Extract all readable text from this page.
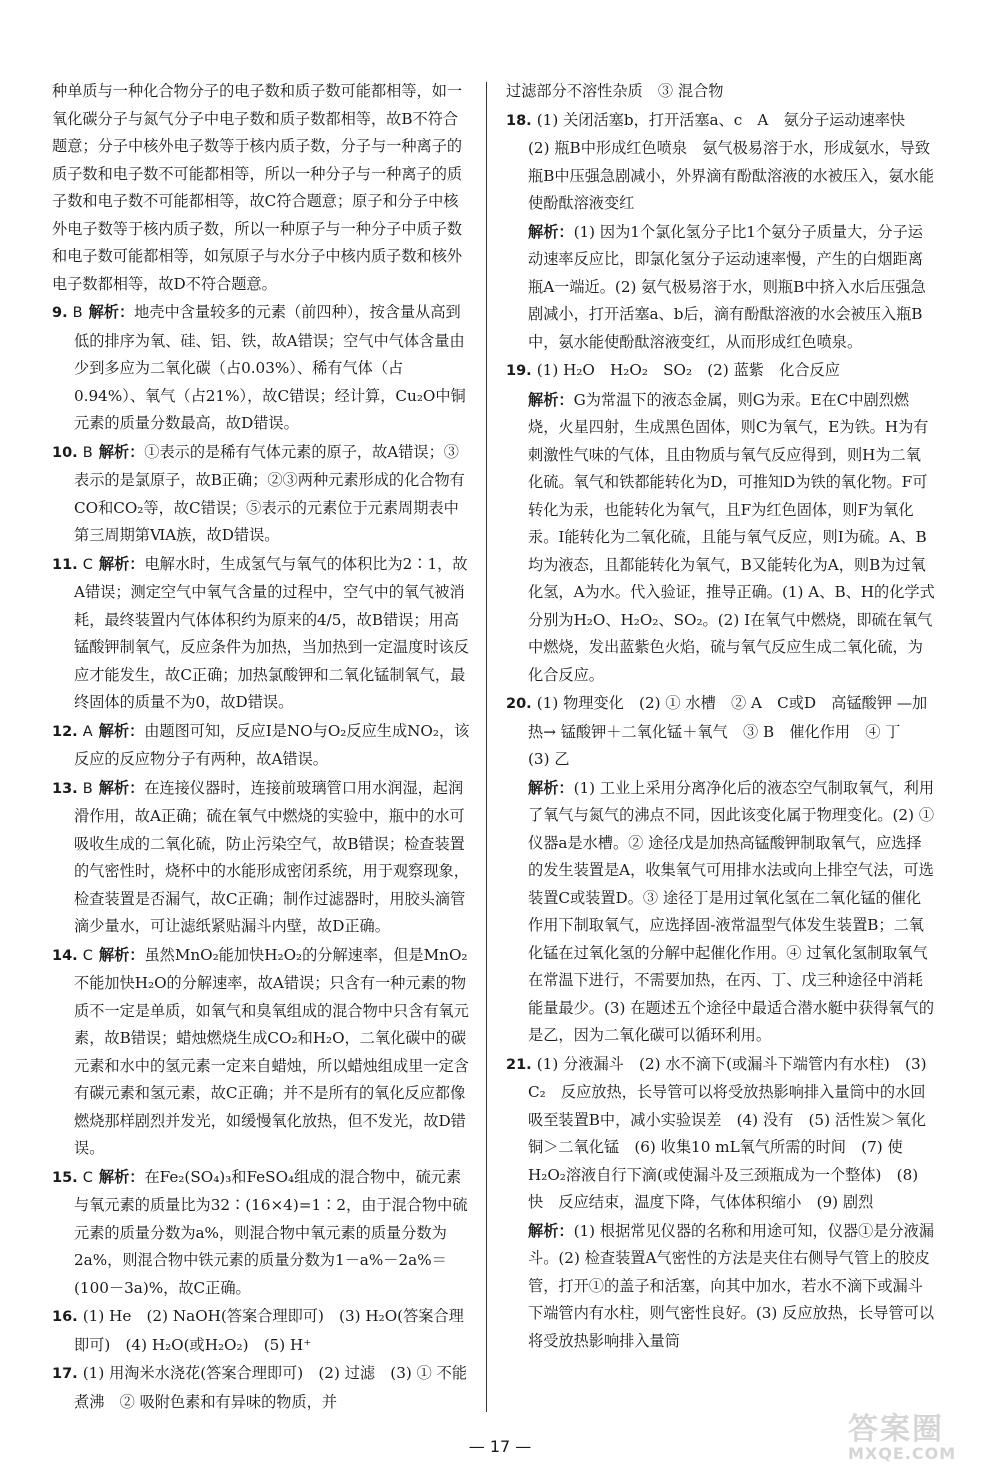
种单质与一种化合物分子的电子数和质子数可能都相等，如一氧化碳分子与氮气分子中电子数和质子数都相等，故B不符合题意；分子中核外电子数等于核内质子数，分子与一种离子的质子数和电子数不可能都相等，所以一种分子与一种离子的质子数和电子数不可能都相等，故C符合题意；原子和分子中核外电子数等于核内质子数，所以一种原子与一种分子中质子数和电子数可能都相等，如氖原子与水分子中核内质子数和核外电子数都相等，故D不符合题意。

9. B 解析：地壳中含量较多的元素（前四种），按含量从高到低的排序为氧、硅、铝、铁，故A错误；空气中气体含量由少到多应为二氧化碳（占0.03%）、稀有气体（占0.94%）、氧气（占21%），故C错误；经计算，Cu₂O中铜元素的质量分数最高，故D错误。

10. B 解析：①表示的是稀有气体元素的原子，故A错误；③表示的是氯原子，故B正确；②③两种元素形成的化合物有CO和CO₂等，故C错误；⑤表示的元素位于元素周期表中第三周期第ⅥA族，故D错误。

11. C 解析：电解水时，生成氢气与氧气的体积比为2∶1，故A错误；测定空气中氧气含量的过程中，空气中的氧气被消耗，最终装置内气体体积约为原来的4/5，故B错误；用高锰酸钾制氧气，反应条件为加热，当加热到一定温度时该反应才能发生，故C正确；加热氯酸钾和二氧化锰制氧气，最终固体的质量不为0，故D错误。

12. A 解析：由题图可知，反应Ⅰ是NO与O₂反应生成NO₂，该反应的反应物分子有两种，故A错误。

13. B 解析：在连接仪器时，连接前玻璃管口用水润湿，起润滑作用，故A正确；硫在氧气中燃烧的实验中，瓶中的水可吸收生成的二氧化硫，防止污染空气，故B错误；检查装置的气密性时，烧杯中的水能形成密闭系统，用于观察现象，检查装置是否漏气，故C正确；制作过滤器时，用胶头滴管滴少量水，可让滤纸紧贴漏斗内壁，故D正确。

14. C 解析：虽然MnO₂能加快H₂O₂的分解速率，但是MnO₂不能加快H₂O的分解速率，故A错误；只含有一种元素的物质不一定是单质，如氧气和臭氧组成的混合物中只含有氧元素，故B错误；蜡烛燃烧生成CO₂和H₂O，二氧化碳中的碳元素和水中的氢元素一定来自蜡烛，所以蜡烛组成里一定含有碳元素和氢元素，故C正确；并不是所有的氧化反应都像燃烧那样剧烈并发光，如缓慢氧化放热，但不发光，故D错误。

15. C 解析：在Fe₂(SO₄)₃和FeSO₄组成的混合物中，硫元素与氧元素的质量比为32∶(16×4)=1∶2，由于混合物中硫元素的质量分数为a%，则混合物中氧元素的质量分数为2a%，则混合物中铁元素的质量分数为1－a%－2a%＝(100－3a)%，故C正确。

16. (1) He　(2) NaOH(答案合理即可)　(3) H₂O(答案合理即可)　(4) H₂O(或H₂O₂)　(5) H⁺

17. (1) 用淘米水浇花(答案合理即可)　(2) 过滤　(3) ① 不能　煮沸　② 吸附色素和有异味的物质，并

过滤部分不溶性杂质　③ 混合物

18. (1) 关闭活塞b，打开活塞a、c　A　氨分子运动速率快　(2) 瓶B中形成红色喷泉　氨气极易溶于水，形成氨水，导致瓶B中压强急剧减小，外界滴有酚酞溶液的水被压入，氨水能使酚酞溶液变红

解析：(1) 因为1个氯化氢分子比1个氨分子质量大，分子运动速率反应比，即氯化氢分子运动速率慢，产生的白烟距离瓶A一端近。(2) 氨气极易溶于水，则瓶B中挤入水后压强急剧减小，打开活塞a、b后，滴有酚酞溶液的水会被压入瓶B中，氨水能使酚酞溶液变红，从而形成红色喷泉。

19. (1) H₂O　H₂O₂　SO₂　(2) 蓝紫　化合反应

解析：G为常温下的液态金属，则G为汞。E在C中剧烈燃烧，火星四射，生成黑色固体，则C为氧气，E为铁。H为有刺激性气味的气体，且由物质与氧气反应得到，则H为二氧化硫。氧气和铁都能转化为D，可推知D为铁的氧化物。F可转化为汞，也能转化为氧气，且F为红色固体，则F为氧化汞。I能转化为二氧化硫，且能与氧气反应，则I为硫。A、B均为液态，且都能转化为氧气，B又能转化为A，则B为过氧化氢，A为水。代入验证，推导正确。(1) A、B、H的化学式分别为H₂O、H₂O₂、SO₂。(2) I在氧气中燃烧，即硫在氧气中燃烧，发出蓝紫色火焰，硫与氧气反应生成二氧化硫，为化合反应。

20. (1) 物理变化　(2) ① 水槽　② A　C或D　高锰酸钾 —加热→ 锰酸钾＋二氧化锰＋氧气　③ B　催化作用　④ 丁　(3) 乙

解析：(1) 工业上采用分离净化后的液态空气制取氧气，利用了氧气与氮气的沸点不同，因此该变化属于物理变化。(2) ① 仪器a是水槽。② 途径戊是加热高锰酸钾制取氧气，应选择的发生装置是A，收集氧气可用排水法或向上排空气法，可选装置C或装置D。③ 途径丁是用过氧化氢在二氧化锰的催化作用下制取氧气，应选择固-液常温型气体发生装置B；二氧化锰在过氧化氢的分解中起催化作用。④ 过氧化氢制取氧气在常温下进行，不需要加热，在丙、丁、戊三种途径中消耗能量最少。(3) 在题述五个途径中最适合潜水艇中获得氧气的是乙，因为二氧化碳可以循环利用。

21. (1) 分液漏斗　(2) 水不滴下(或漏斗下端管内有水柱)　(3) C₂　反应放热，长导管可以将受放热影响排入量筒中的水回吸至装置B中，减小实验误差　(4) 没有　(5) 活性炭＞氧化铜＞二氧化锰　(6) 收集10 mL氧气所需的时间　(7) 使H₂O₂溶液自行下滴(或使漏斗及三颈瓶成为一个整体)　(8) 快　反应结束，温度下降，气体体积缩小　(9) 剧烈

解析：(1) 根据常见仪器的名称和用途可知，仪器①是分液漏斗。(2) 检查装置A气密性的方法是夹住右侧导气管上的胶皮管，打开①的盖子和活塞，向其中加水，若水不滴下或漏斗下端管内有水柱，则气密性良好。(3) 反应放热，长导管可以将受放热影响排入量筒

— 17 —	答案圈
MXQE.COM
